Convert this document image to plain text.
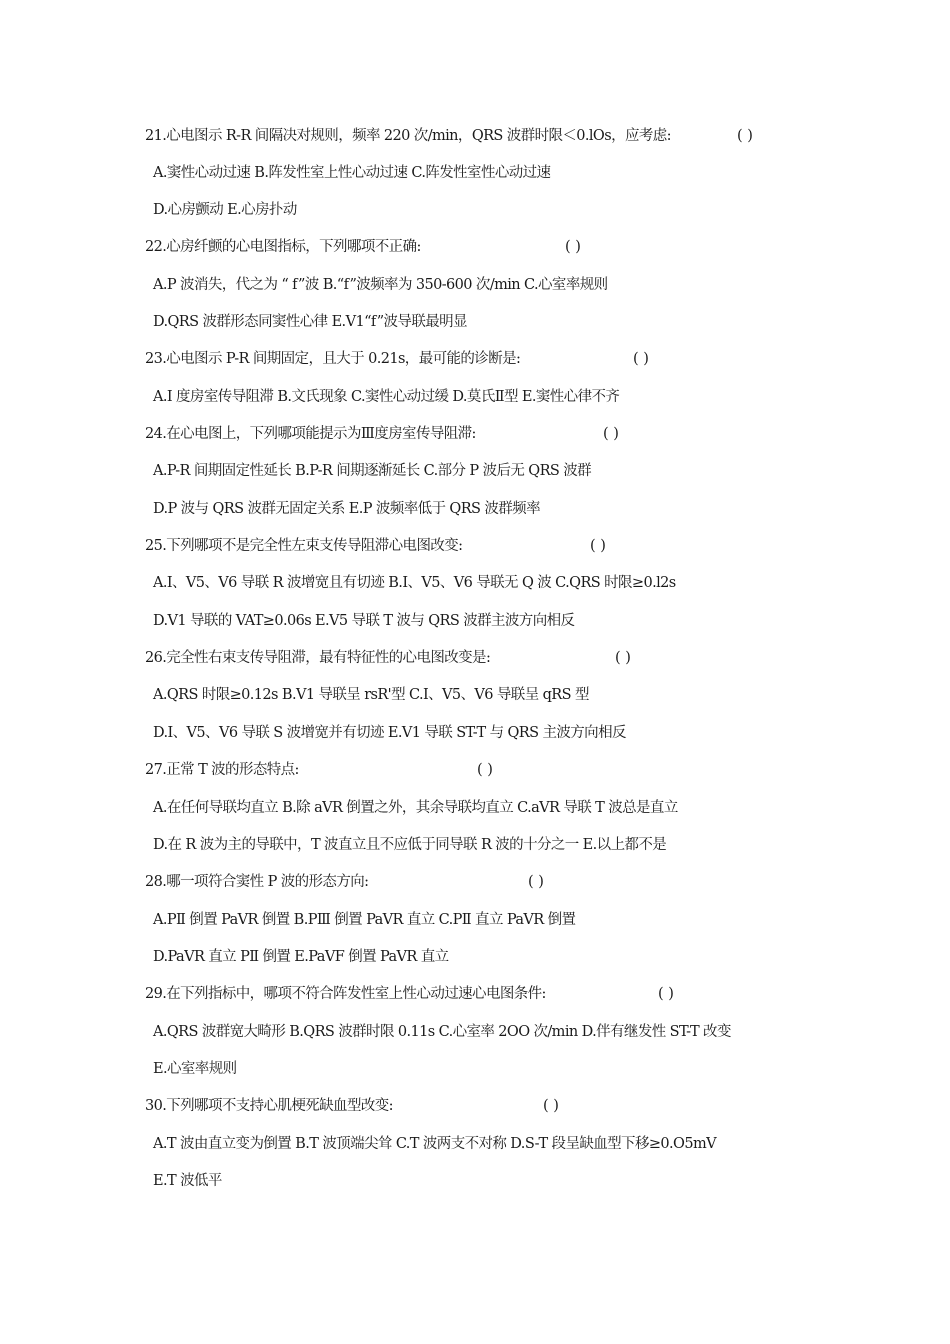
21.心电图示 R-R 间隔决对规则，频率 220 次/min，QRS 波群时限＜0.lOs，应考虑:	( )
A.窦性心动过速 B.阵发性室上性心动过速 C.阵发性室性心动过速
D.心房颤动 E.心房扑动
22.心房纤颤的心电图指标，下列哪项不正确:	( )
A.P 波消失，代之为 “ f”波 B.“f”波频率为 350-600 次/min C.心室率规则
D.QRS 波群形态同窦性心律 E.V1“f”波导联最明显
23.心电图示 P-R 间期固定，且大于 0.21s，最可能的诊断是:	( )
A.I 度房室传导阻滞 B.文氏现象 C.窦性心动过缓 D.莫氏Ⅱ型 E.窦性心律不齐
24.在心电图上，下列哪项能提示为Ⅲ度房室传导阻滞:	( )
A.P-R 间期固定性延长 B.P-R 间期逐渐延长 C.部分 P 波后无 QRS 波群
D.P 波与 QRS 波群无固定关系 E.P 波频率低于 QRS 波群频率
25.下列哪项不是完全性左束支传导阻滞心电图改变:	( )
A.Ⅰ、V5、V6 导联 R 波增宽且有切迹 B.Ⅰ、V5、V6 导联无 Q 波 C.QRS 时限≥0.l2s
D.V1 导联的 VAT≥0.06s E.V5 导联 T 波与 QRS 波群主波方向相反
26.完全性右束支传导阻滞，最有特征性的心电图改变是:	( )
A.QRS 时限≥0.12s B.V1 导联呈 rsR'型 C.I、V5、V6 导联呈 qRS 型
D.I、V5、V6 导联 S 波增宽并有切迹 E.V1 导联 ST-T 与 QRS 主波方向相反
27.正常 T 波的形态特点:	( )
A.在任何导联均直立 B.除 aVR 倒置之外，其余导联均直立 C.aVR 导联 T 波总是直立
D.在 R 波为主的导联中，T 波直立且不应低于同导联 R 波的十分之一 E.以上都不是
28.哪一项符合窦性 P 波的形态方向:	( )
A.PⅡ 倒置 PaVR 倒置 B.PⅢ 倒置 PaVR 直立 C.PⅡ 直立 PaVR 倒置
D.PaVR 直立 PⅡ 倒置 E.PaVF 倒置 PaVR 直立
29.在下列指标中，哪项不符合阵发性室上性心动过速心电图条件:	( )
A.QRS 波群宽大畸形 B.QRS 波群时限 0.11s C.心室率 2OO 次/min D.伴有继发性 ST-T 改变
E.心室率规则
30.下列哪项不支持心肌梗死缺血型改变:	( )
A.T 波由直立变为倒置 B.T 波顶端尖耸 C.T 波两支不对称 D.S-T 段呈缺血型下移≥0.O5mV
E.T 波低平
